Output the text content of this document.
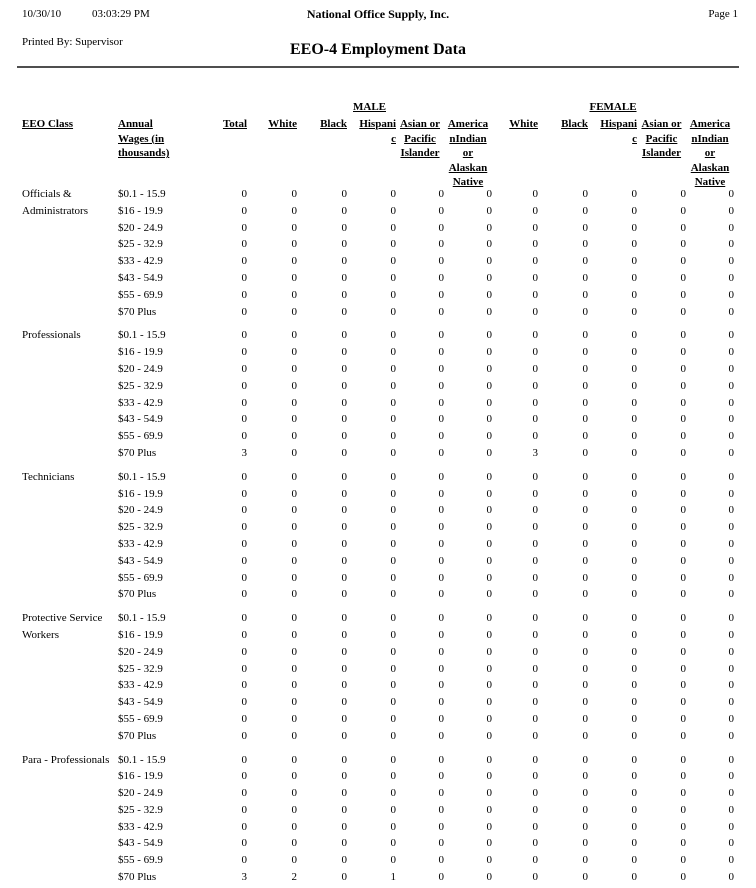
10/30/10	03:03:29 PM	National Office Supply, Inc.	Page 1
Printed By: Supervisor	EEO-4 Employment Data
MALE	FEMALE
EEO Class	Annual
Wages (in
thousands)
Total	White	Black	Hispani
c
Asian or
Pacific
Islander
America
nIndian
or
Alaskan
Native
White	Black	Hispani
c
Asian or
Pacific
Islander
America
nIndian
or
Alaskan
Native
Officials & Administrators
$0.1 - 15.9	0	0	0	0	0	0	0	0	0	0	0
$16 - 19.9	0	0	0	0	0	0	0	0	0	0	0
$20 - 24.9	0	0	0	0	0	0	0	0	0	0	0
$25 - 32.9	0	0	0	0	0	0	0	0	0	0	0
$33 - 42.9	0	0	0	0	0	0	0	0	0	0	0
$43 - 54.9	0	0	0	0	0	0	0	0	0	0	0
$55 - 69.9	0	0	0	0	0	0	0	0	0	0	0
$70 Plus	0	0	0	0	0	0	0	0	0	0	0
Professionals	$0.1 - 15.9	0	0	0	0	0	0	0	0	0	0	0
$16 - 19.9	0	0	0	0	0	0	0	0	0	0	0
$20 - 24.9	0	0	0	0	0	0	0	0	0	0	0
$25 - 32.9	0	0	0	0	0	0	0	0	0	0	0
$33 - 42.9	0	0	0	0	0	0	0	0	0	0	0
$43 - 54.9	0	0	0	0	0	0	0	0	0	0	0
$55 - 69.9	0	0	0	0	0	0	0	0	0	0	0
$70 Plus	3	0	0	0	0	0	3	0	0	0	0
Technicians	$0.1 - 15.9	0	0	0	0	0	0	0	0	0	0	0
$16 - 19.9	0	0	0	0	0	0	0	0	0	0	0
$20 - 24.9	0	0	0	0	0	0	0	0	0	0	0
$25 - 32.9	0	0	0	0	0	0	0	0	0	0	0
$33 - 42.9	0	0	0	0	0	0	0	0	0	0	0
$43 - 54.9	0	0	0	0	0	0	0	0	0	0	0
$55 - 69.9	0	0	0	0	0	0	0	0	0	0	0
$70 Plus	0	0	0	0	0	0	0	0	0	0	0
Protective Service Workers
$0.1 - 15.9	0	0	0	0	0	0	0	0	0	0	0
$16 - 19.9	0	0	0	0	0	0	0	0	0	0	0
$20 - 24.9	0	0	0	0	0	0	0	0	0	0	0
$25 - 32.9	0	0	0	0	0	0	0	0	0	0	0
$33 - 42.9	0	0	0	0	0	0	0	0	0	0	0
$43 - 54.9	0	0	0	0	0	0	0	0	0	0	0
$55 - 69.9	0	0	0	0	0	0	0	0	0	0	0
$70 Plus	0	0	0	0	0	0	0	0	0	0	0
Para - Professionals $0.1 - 15.9	0	0	0	0	0	0	0	0	0	0	0
$16 - 19.9	0	0	0	0	0	0	0	0	0	0	0
$20 - 24.9	0	0	0	0	0	0	0	0	0	0	0
$25 - 32.9	0	0	0	0	0	0	0	0	0	0	0
$33 - 42.9	0	0	0	0	0	0	0	0	0	0	0
$43 - 54.9	0	0	0	0	0	0	0	0	0	0	0
$55 - 69.9	0	0	0	0	0	0	0	0	0	0	0
$70 Plus	3	2	0	1	0	0	0	0	0	0	0
